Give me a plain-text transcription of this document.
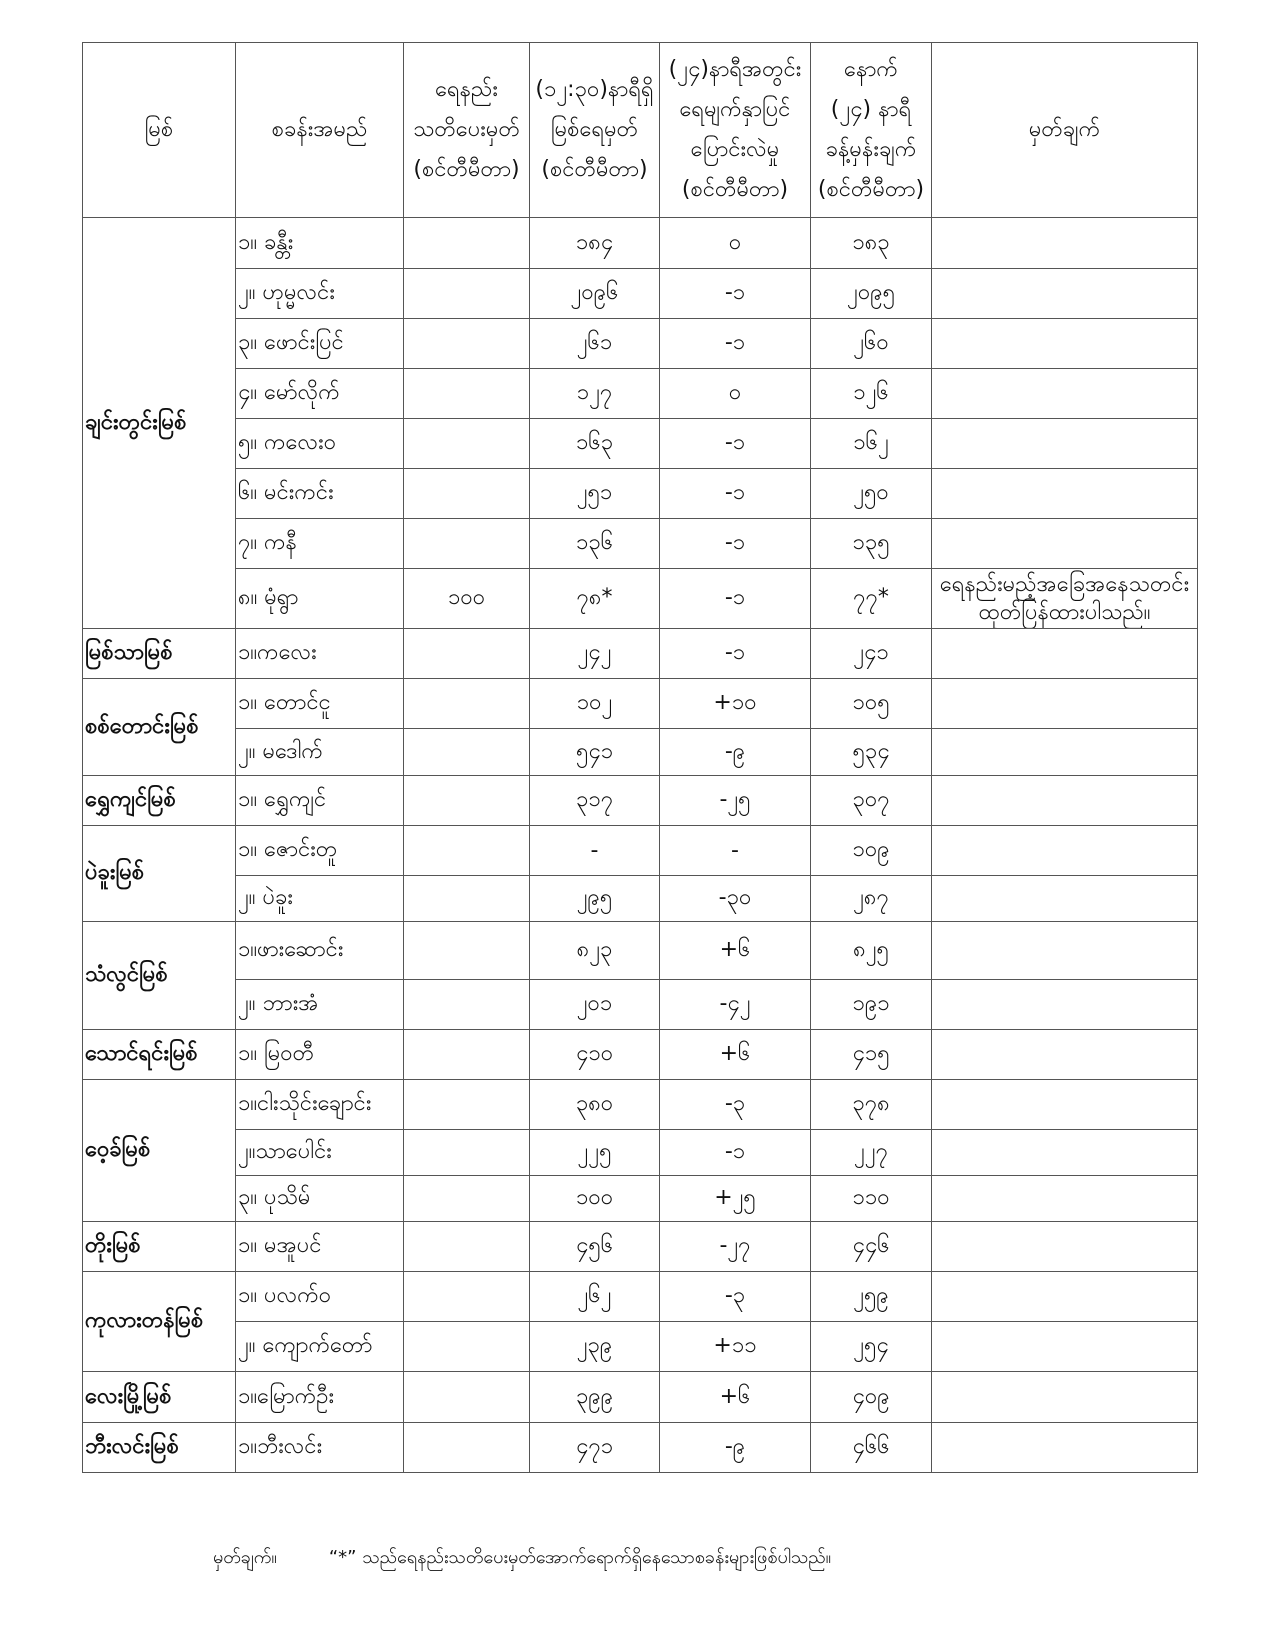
မြစ်	စခန်းအမည်	ရေနည်း
သတိပေးမှတ်
(စင်တီမီတာ)	(၁၂:၃၀)နာရီရှိ
မြစ်ရေမှတ်
(စင်တီမီတာ)	(၂၄)နာရီအတွင်း
ရေမျက်နှာပြင်
ပြောင်းလဲမှု
(စင်တီမီတာ)	နောက်
(၂၄) နာရီ
ခန့်မှန်းချက်
(စင်တီမီတာ)	မှတ်ချက်
ချင်းတွင်းမြစ်	၁။ ခန္တီး		၁၈၄	၀	၁၈၃	
	၂။ ဟုမ္မလင်း		၂၀၉၆	-၁	၂၀၉၅	
	၃။ ဖောင်းပြင်		၂၆၁	-၁	၂၆၀	
	၄။ မော်လိုက်		၁၂၇	၀	၁၂၆	
	၅။ ကလေးဝ		၁၆၃	-၁	၁၆၂	
	၆။ မင်းကင်း		၂၅၁	-၁	၂၅၀	
	၇။ ကနီ		၁၃၆	-၁	၁၃၅	
	၈။ မုံရွာ	၁၀၀	၇၈*	-၁	၇၇*	ရေနည်းမည့်အခြေအနေသတင်း
ထုတ်ပြန်ထားပါသည်။

မြစ်သာမြစ်	၁။ကလေး		၂၄၂	-၁	၂၄၁	
စစ်တောင်းမြစ်	၁။ တောင်ငူ		၁၀၂	+၁၀	၁၀၅	
	၂။ မဒေါက်		၅၄၁	-၉	၅၃၄	
ရွှေကျင်မြစ်	၁။ ရွှေကျင်		၃၁၇	-၂၅	၃၀၇	
ပဲခူးမြစ်	၁။ ဇောင်းတူ		-	-	၁၀၉	
	၂။ ပဲခူး		၂၉၅	-၃၀	၂၈၇	
သံလွင်မြစ်	၁။ဖားဆောင်း		၈၂၃	+၆	၈၂၅	
	၂။ ဘားအံ		၂၀၁	-၄၂	၁၉၁	
သောင်ရင်းမြစ်	၁။ မြဝတီ		၄၁၀	+၆	၄၁၅	
ဝေ့ခ်မြစ်	၁။ငါးသိုင်းချောင်း		၃၈၀	-၃	၃၇၈	
	၂။သာပေါင်း		၂၂၅	-၁	၂၂၇	
	၃။ ပုသိမ်		၁၀၀	+၂၅	၁၁၀	
တိုးမြစ်	၁။ မအူပင်		၄၅၆	-၂၇	၄၄၆	
ကုလားတန်မြစ်	၁။ ပလက်ဝ		၂၆၂	-၃	၂၅၉	
	၂။ ကျောက်တော်		၂၃၉	+၁၁	၂၅၄	
လေးမြို့မြစ်	၁။မြောက်ဦး		၃၉၉	+၆	၄၀၉	
ဘီးလင်းမြစ်	၁။ဘီးလင်း		၄၇၁	-၉	၄၆၆	
မှတ်ချက်။	“*” သည်ရေနည်းသတိပေးမှတ်အောက်ရောက်ရှိနေသောစခန်းများဖြစ်ပါသည်။
